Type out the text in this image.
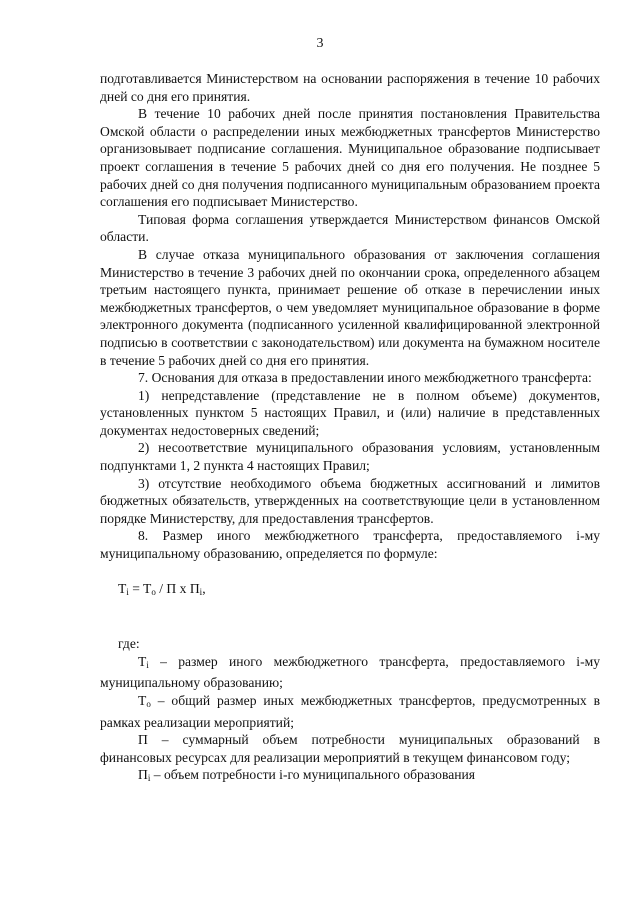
3

подготавливается Министерством на основании распоряжения в течение 10 рабочих дней со дня его принятия.

В течение 10 рабочих дней после принятия постановления Правительства Омской области о распределении иных межбюджетных трансфертов Министерство организовывает подписание соглашения. Муниципальное образование подписывает проект соглашения в течение 5 рабочих дней со дня его получения. Не позднее 5 рабочих дней со дня получения подписанного муниципальным образованием проекта соглашения его подписывает Министерство.

Типовая форма соглашения утверждается Министерством финансов Омской области.

В случае отказа муниципального образования от заключения соглашения Министерство в течение 3 рабочих дней по окончании срока, определенного абзацем третьим настоящего пункта, принимает решение об отказе в перечислении иных межбюджетных трансфертов, о чем уведомляет муниципальное образование в форме электронного документа (подписанного усиленной квалифицированной электронной подписью в соответствии с законодательством) или документа на бумажном носителе в течение 5 рабочих дней со дня его принятия.

7. Основания для отказа в предоставлении иного межбюджетного трансферта:

1) непредставление (представление не в полном объеме) документов, установленных пунктом 5 настоящих Правил, и (или) наличие в представленных документах недостоверных сведений;

2) несоответствие муниципального образования условиям, установленным подпунктами 1, 2 пункта 4 настоящих Правил;

3) отсутствие необходимого объема бюджетных ассигнований и лимитов бюджетных обязательств, утвержденных на соответствующие цели в установленном порядке Министерству, для предоставления трансфертов.

8. Размер иного межбюджетного трансферта, предоставляемого i-му муниципальному образованию, определяется по формуле:

$T_i = T_o / П$ х $П_i$,

где:

$T_i$ – размер иного межбюджетного трансферта, предоставляемого i-му муниципальному образованию;

$T_o$ – общий размер иных межбюджетных трансфертов, предусмотренных в рамках реализации мероприятий;

П – суммарный объем потребности муниципальных образований в финансовых ресурсах для реализации мероприятий в текущем финансовом году;

$П_i$ – объем потребности i-го муниципального образования
